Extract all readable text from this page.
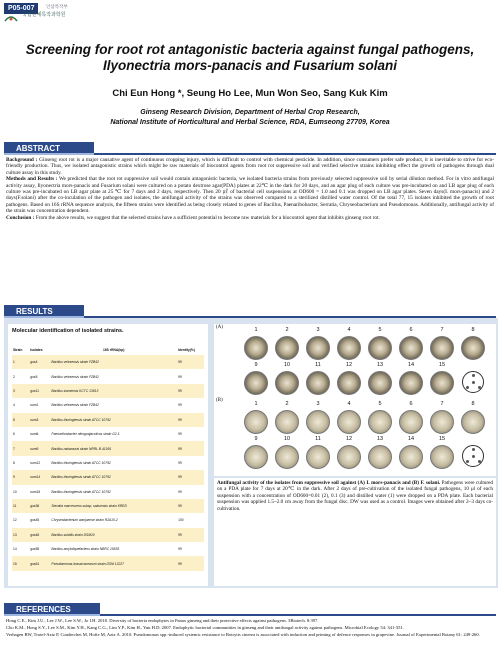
P05-007	인삼특작부
국립원예특작과학원
Screening for root rot antagonistic bacteria against fungal pathogens, Ilyonectria mors-panacis and Fusarium solani
Chi Eun Hong *, Seung Ho Lee, Mun Won Seo, Sang Kuk Kim
Ginseng Research Division, Department of Herbal Crop Research,
National Institute of Horticultural and Herbal Science, RDA, Eumseong 27709, Korea
ABSTRACT

Background : Ginseng root rot is a major causative agent of continuous cropping injury, which is difficult to control with chemical pesticide. In addition, since consumers prefer safe product, it is inevitable to strive for eco-friendly production. Thus, we isolated antagonistic strains which might be raw materials of biocontrol agents from root rot suppressive soil and verified selective strains inhibiting effect the growth of pathogens through dual culture assay in this study.

Methods and Results : We predicted that the root rot suppressive soil would contain antagonistic bacteria, we isolated bacteria strains from previously selected suppressive soil by serial dilution method. For in vitro antifungal activity assay, Ilyonectria mors-panacis and Fusarium solani were cultured on a potato dextrose agar(PDA) plates at 22℃ in the dark for 20 days, and an agar plug of each culture was pre-incubated on and LB agar plug of each culture was pre-incubated on LB agar plate at 25 ℃ for 7 days and 2 days, respectively. Then 20 ㎕ of bacterial cell suspensions at OD600 = 1.0 and 0.1 was dropped on LB agar plates. Seven days(I. mors-panacis) and 2 days(F.solani) after the co-inculation of the pathogen and isolates, the antifungal activity of the strains was observed compared to a sterilized distilled water control. Of the total 77, 15 isolates inhibited the growth of root pathogens. Based on 16S rRNA sequence analysis, the fifteen strains were identified as being closely related to genes of Bacillus, Paenaribobacter, Serratia, Chryseobacterium and Pseudomonas. Additionally, antifungal activity of the strain was concentration dependent.

Conclusion : From the above results, we suggest that the selected strains have a sufficient potential to become raw materials for a biocontrol agent that inhibits ginseng root rot.

RESULTS
Molecular identification of isolated strains.
Strain	Isolates	16S rRNA(bp)	Identity(%)
1	gos4	Bacillus velezensis strain FZB42	99
2	gos5	Bacillus velezensis strain FZB42	99
3	gos11	Bacillus siamensis KCTC 13613	99
4	sum1	Bacillus velezensis strain FZB42	99
5	sum3	Bacillus thuringiensis strain ATCC 10792	99
6	sum6	Paenarthrobacter nitroguajacolicus strain G2-1	99
7	sum9	Bacillus nakamurai strain NRRL B-41091	99
8	sum12	Bacillus thuringiensis strain ATCC 10792	99
9	sum14	Bacillus thuringiensis strain ATCC 10792	99
10	sum15	Bacillus thuringiensis strain ATCC 10792	99
11	gos36	Serratia marcescens subsp. sakuensis strain KRED	99
12	gos45	Chryseobacterium wanjuense strain R2A10-2	100
13	gos46	Bacillus subtilis strain DSM10	99
14	gos55	Bacillus amyloliquefaciens strain NBRC 15535	99
15	gos61	Pseudomonas brassicacearum strain DSM 13227	99
(A)
(B)
1	2	3	4	5	6	7	8
9	10	11	12	13	14	15
1	2	3	4	5	6	7	8
9	10	11	12	13	14	15
Antifungal activity of the isolates from suppressive soil against (A) I. mors-panacis and (B) F. solani. Pathogens were cultured on a PDA plate for 7 days at 20℃ in the dark. After 2 days of pre-cultivation of the isolated fungal pathogens, 10 μl of each suspension with a concentration of OD600=0.01 (2), 0.1 (3) and distilled water (1) were dropped on a PDA plate. Each bacterial suspension was applied 1.5~2.0 cm away from the fungal disc. DW was used as a control. Images were obtained after 2~3 days co-cultivation.
REFERENCES

Hong C.E., Kim J.U., Lee J.W., Lee S.W., Jo I.H. 2018. Diversity of bacteria endophytes in Panax ginseng and their protective effects against pathogens. 3Biotech. 8:397.

Cho K.M., Hong S.Y., Lee S.M., Kim Y.H., Kang C.G., Lim Y.P., Kim H., Yun H.D. 2007. Endophytic bacterial communities in ginseng and their antifungal activity against pathogens. Microbial Ecology 54: 341-351.

Verhagen BW, Trotel-Aziz P, Couderchet M, Hofte M, Aziz A. 2010. Pseudomonas spp.-induced systemic resistance to Botrytis cinerea is associated with induction and priming of defence responses in grapevine. Journal of Experimental Botany 61: 249-260.
